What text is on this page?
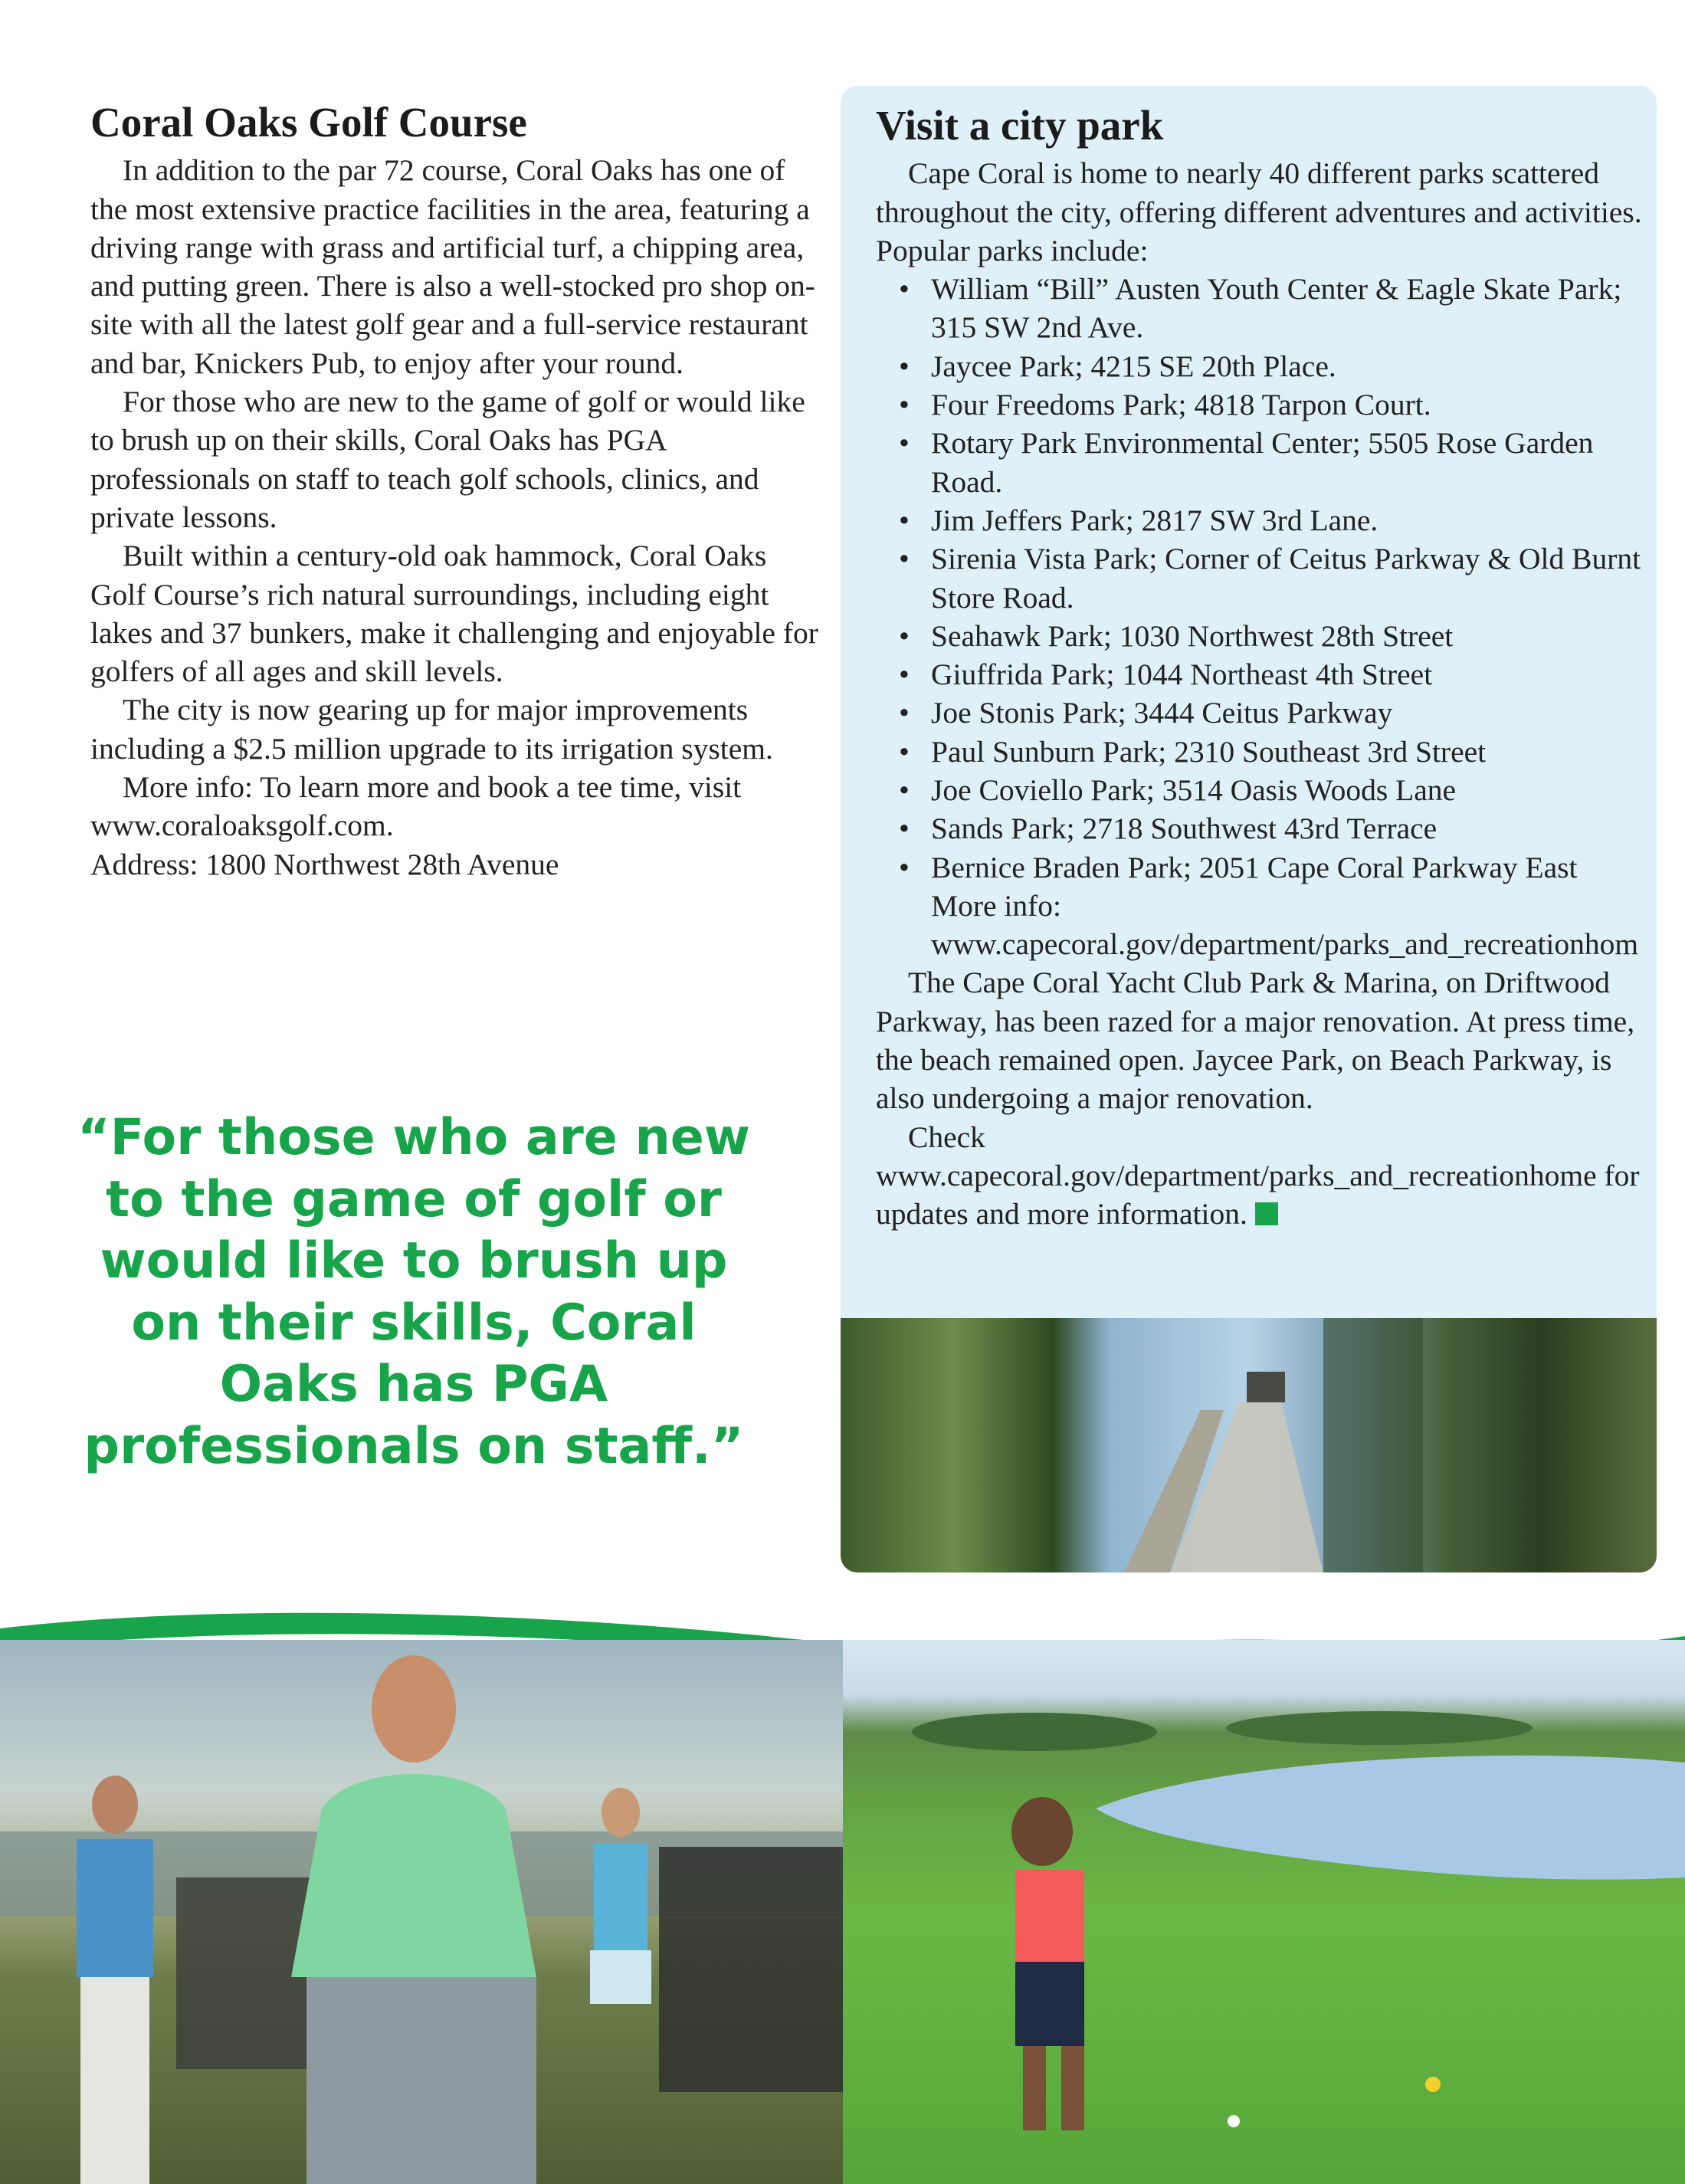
Coral Oaks Golf Course

In addition to the par 72 course, Coral Oaks has one of the most extensive practice facilities in the area, featuring a driving range with grass and artificial turf, a chipping area, and putting green. There is also a well-stocked pro shop on-site with all the latest golf gear and a full-service restaurant and bar, Knickers Pub, to enjoy after your round.

For those who are new to the game of golf or would like to brush up on their skills, Coral Oaks has PGA professionals on staff to teach golf schools, clinics, and private lessons.

Built within a century-old oak hammock, Coral Oaks Golf Course’s rich natural surroundings, including eight lakes and 37 bunkers, make it challenging and enjoyable for golfers of all ages and skill levels.

The city is now gearing up for major improvements including a $2.5 million upgrade to its irrigation system.

More info: To learn more and book a tee time, visit www.coraloaksgolf.com.

Address: 1800 Northwest 28th Avenue

“For those who are new to the game of golf or would like to brush up on their skills, Coral Oaks has PGA professionals on staff.”
Visit a city park

Cape Coral is home to nearly 40 different parks scattered throughout the city, offering different adventures and activities.

Popular parks include:

• William “Bill” Austen Youth Center & Eagle Skate Park; 315 SW 2nd Ave.
• Jaycee Park; 4215 SE 20th Place.
• Four Freedoms Park; 4818 Tarpon Court.
• Rotary Park Environmental Center; 5505 Rose Garden Road.
• Jim Jeffers Park; 2817 SW 3rd Lane.
• Sirenia Vista Park; Corner of Ceitus Parkway & Old Burnt Store Road.
• Seahawk Park; 1030 Northwest 28th Street
• Giuffrida Park; 1044 Northeast 4th Street
• Joe Stonis Park; 3444 Ceitus Parkway
• Paul Sunburn Park; 2310 Southeast 3rd Street
• Joe Coviello Park; 3514 Oasis Woods Lane
• Sands Park; 2718 Southwest 43rd Terrace
• Bernice Braden Park; 2051 Cape Coral Parkway East More info: www.capecoral.gov/department/parks_and_recreationhom

The Cape Coral Yacht Club Park & Marina, on Driftwood Parkway, has been razed for a major renovation. At press time, the beach remained open. Jaycee Park, on Beach Parkway, is also undergoing a major renovation.

Check www.capecoral.gov/department/parks_and_recreationhome for updates and more information.
